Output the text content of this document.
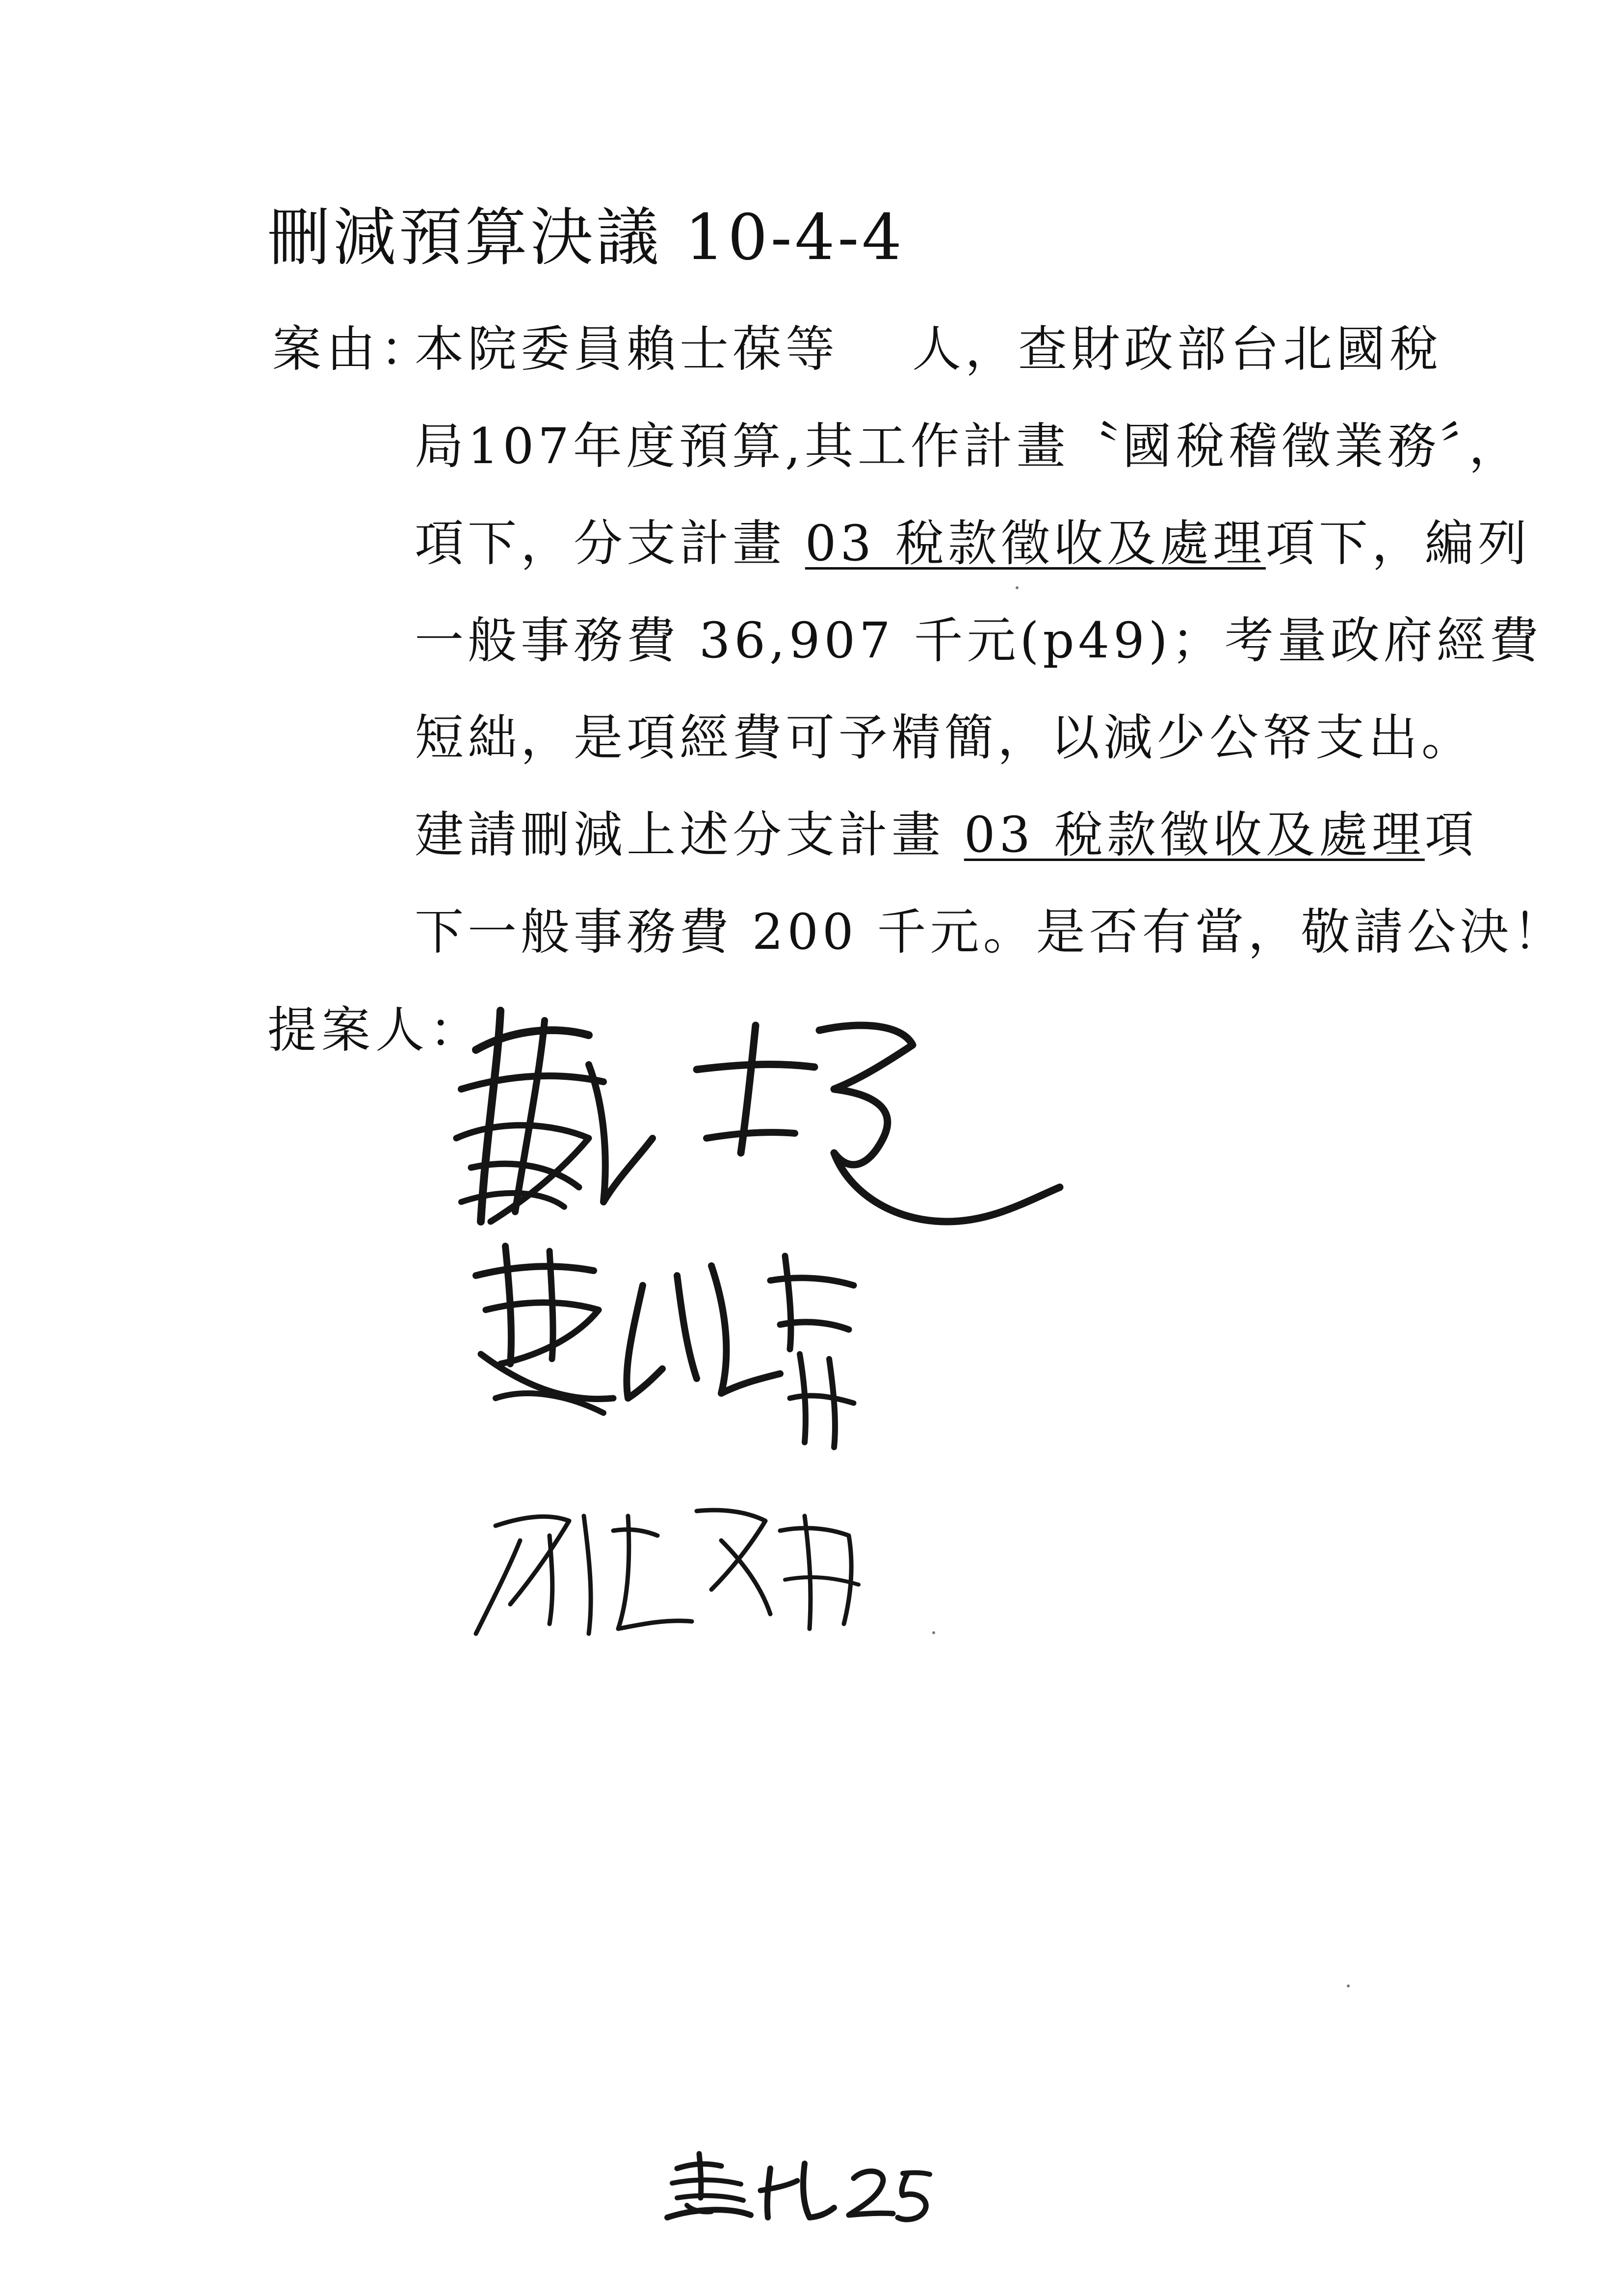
刪減預算決議 10-4-4
案由：
本院委員賴士葆等 人，查財政部台北國稅
局107年度預算,其工作計畫〝國稅稽徵業務〞，
項下，分支計畫 03 稅款徵收及處理項下，編列
一般事務費 36,907 千元(p49)；考量政府經費
短絀，是項經費可予精簡，以減少公帑支出。
建請刪減上述分支計畫 03 稅款徵收及處理項
下一般事務費 200 千元。是否有當，敬請公決！
提案人：
